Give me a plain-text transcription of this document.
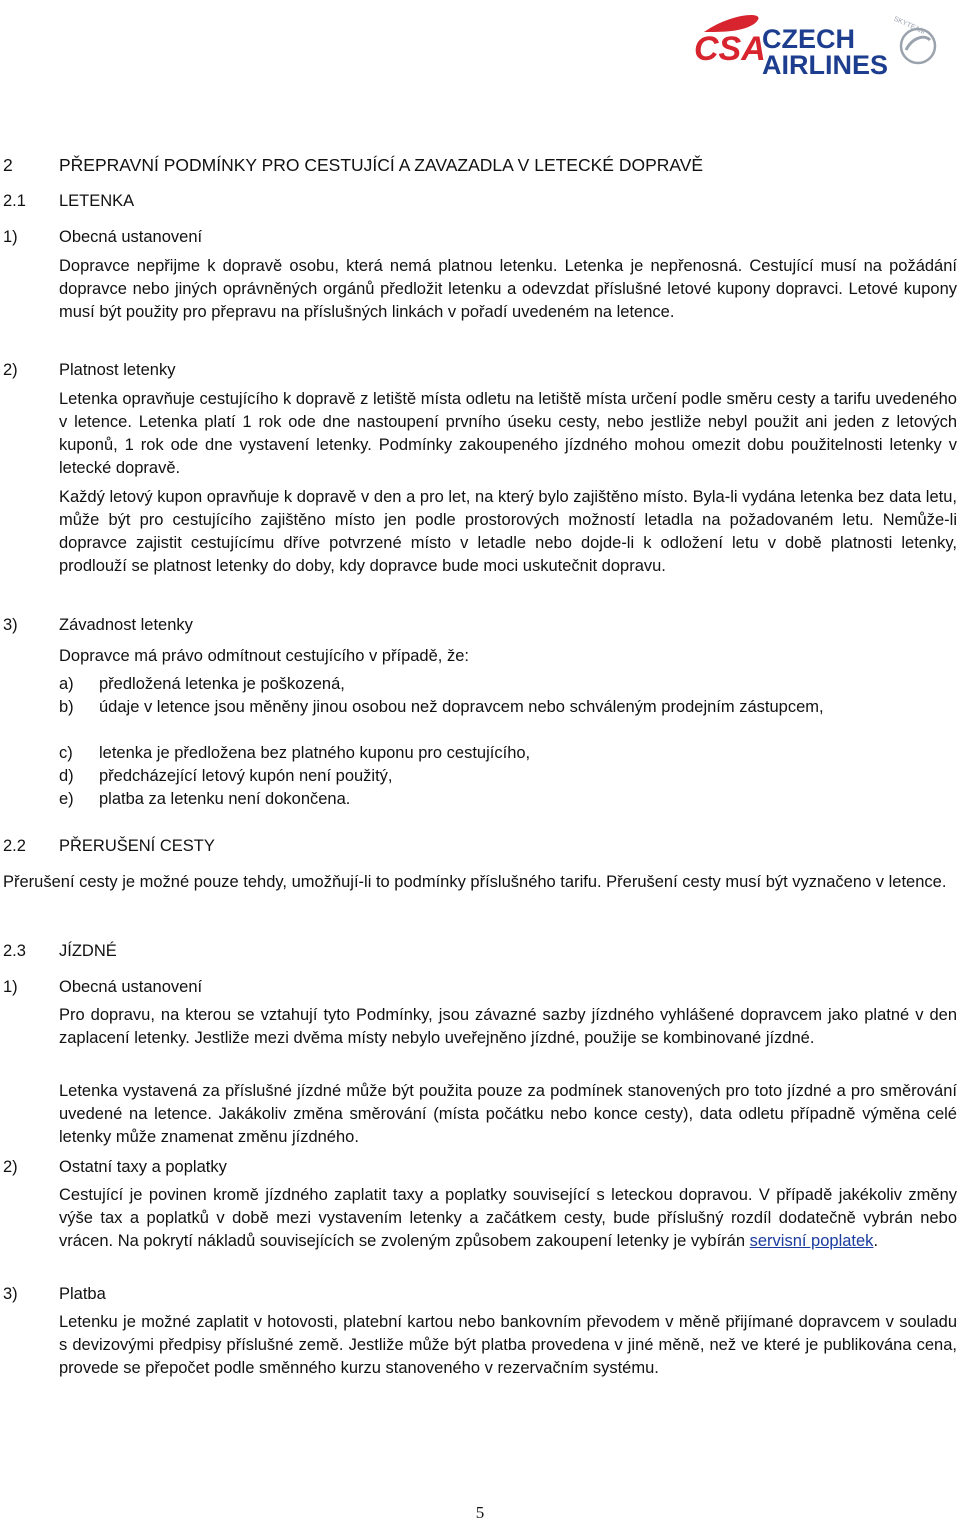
CSA
CZECH
AIRLINES
SKYTEAM
2	PŘEPRAVNÍ PODMÍNKY PRO CESTUJÍCÍ A ZAVAZADLA V LETECKÉ DOPRAVĚ
2.1 LETENKA
1)	Obecná ustanovení
Dopravce nepřijme k dopravě osobu, která nemá platnou letenku. Letenka je nepřenosná. Cestující musí na požádání dopravce nebo jiných oprávněných orgánů předložit letenku a odevzdat příslušné letové kupony dopravci. Letové kupony musí být použity pro přepravu na příslušných linkách v pořadí uvedeném na letence.
2)	Platnost letenky
Letenka opravňuje cestujícího k dopravě z letiště místa odletu na letiště místa určení podle směru cesty a tarifu uvedeného v letence. Letenka platí 1 rok ode dne nastoupení prvního úseku cesty, nebo jestliže nebyl použit ani jeden z letových kuponů, 1 rok ode dne vystavení letenky. Podmínky zakoupeného jízdného mohou omezit dobu použitelnosti letenky v letecké dopravě.
Každý letový kupon opravňuje k dopravě v den a pro let, na který bylo zajištěno místo. Byla-li vydána letenka bez data letu, může být pro cestujícího zajištěno místo jen podle prostorových možností letadla na požadovaném letu. Nemůže-li dopravce zajistit cestujícímu dříve potvrzené místo v letadle nebo dojde-li k odložení letu v době platnosti letenky, prodlouží se platnost letenky do doby, kdy dopravce bude moci uskutečnit dopravu.
3)	Závadnost letenky
Dopravce má právo odmítnout cestujícího v případě, že:
a) předložená letenka je poškozená,
b) údaje v letence jsou měněny jinou osobou než dopravcem nebo schváleným prodejním zástupcem,
c) letenka je předložena bez platného kuponu pro cestujícího,
d) předcházející letový kupón není použitý,
e) platba za letenku není dokončena.
2.2 PŘERUŠENÍ CESTY
Přerušení cesty je možné pouze tehdy, umožňují-li to podmínky příslušného tarifu. Přerušení cesty musí být vyznačeno v letence.
2.3 JÍZDNÉ
1)	Obecná ustanovení
Pro dopravu, na kterou se vztahují tyto Podmínky, jsou závazné sazby jízdného vyhlášené dopravcem jako platné v den zaplacení letenky. Jestliže mezi dvěma místy nebylo uveřejněno jízdné, použije se kombinované jízdné.
Letenka vystavená za příslušné jízdné může být použita pouze za podmínek stanovených pro toto jízdné a pro směrování uvedené na letence. Jakákoliv změna směrování (místa počátku nebo konce cesty), data odletu případně výměna celé letenky může znamenat změnu jízdného.
2)	Ostatní taxy a poplatky
Cestující je povinen kromě jízdného zaplatit taxy a poplatky související s leteckou dopravou. V případě jakékoliv změny výše tax a poplatků v době mezi vystavením letenky a začátkem cesty, bude příslušný rozdíl dodatečně vybrán nebo vrácen. Na pokrytí nákladů souvisejících se zvoleným způsobem zakoupení letenky je vybírán servisní poplatek.
3)	Platba
Letenku je možné zaplatit v hotovosti, platební kartou nebo bankovním převodem v měně přijímané dopravcem v souladu s devizovými předpisy příslušné země. Jestliže může být platba provedena v jiné měně, než ve které je publikována cena, provede se přepočet podle směnného kurzu stanoveného v rezervačním systému.
5
